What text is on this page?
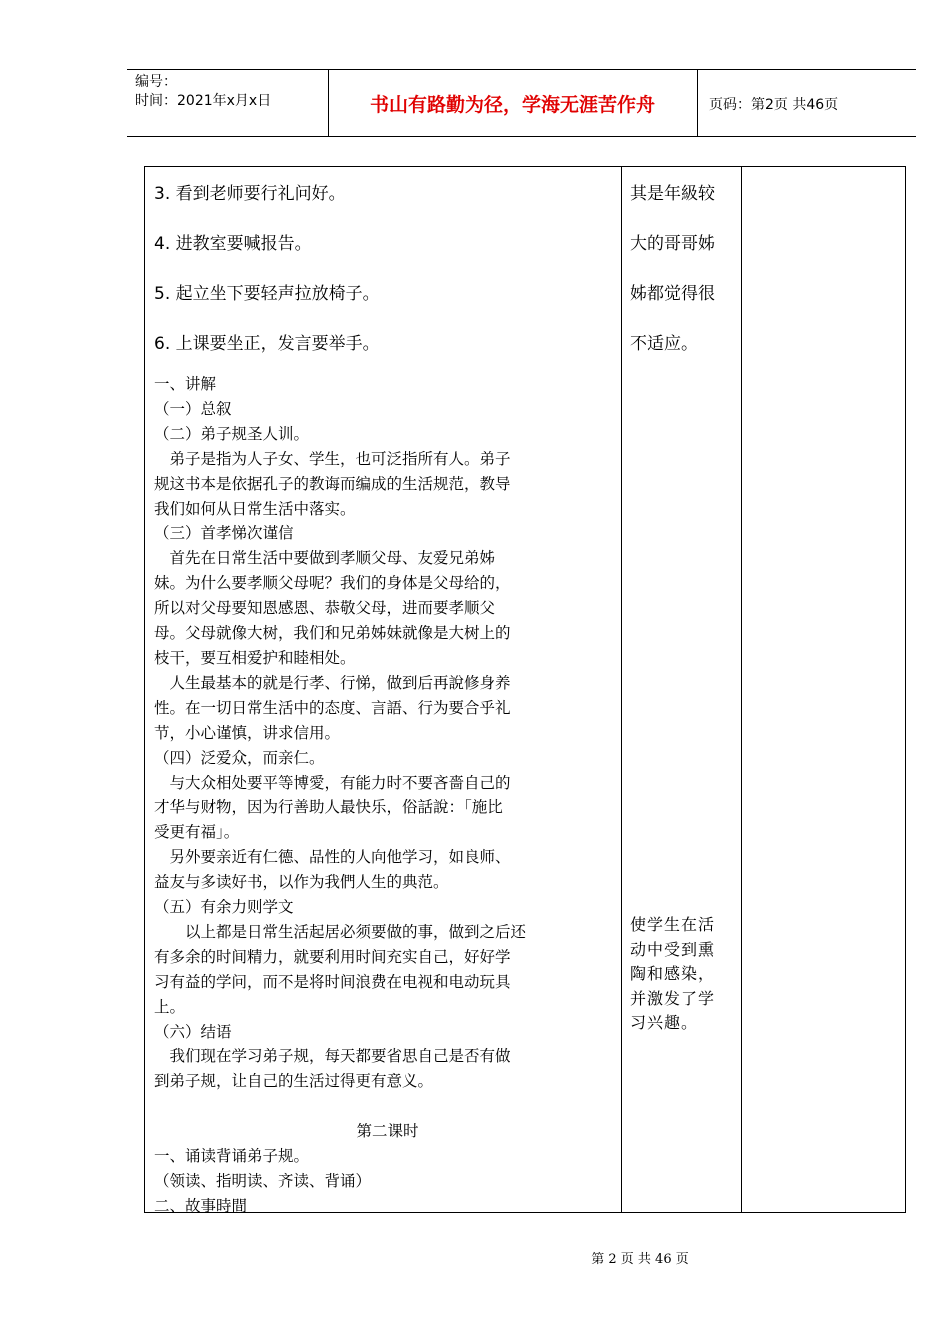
编号：
时间：2021年x月x日	书山有路勤为径，学海无涯苦作舟	页码：第2页 共46页

3. 看到老师要行礼问好。

4. 进教室要喊报告。

5. 起立坐下要轻声拉放椅子。

6. 上课要坐正，发言要举手。

一、讲解

（一）总叙

（二）弟子规圣人训。

　弟子是指为人子女、学生，也可泛指所有人。弟子

规这书本是依据孔子的教诲而编成的生活规范，教导

我们如何从日常生活中落实。

（三）首孝悌次谨信

　首先在日常生活中要做到孝顺父母、友爱兄弟姊

妹。为什么要孝顺父母呢？我们的身体是父母给的，

所以对父母要知恩感恩、恭敬父母，进而要孝顺父

母。父母就像大树，我们和兄弟姊妹就像是大树上的

枝干，要互相爱护和睦相处。

　人生最基本的就是行孝、行悌，做到后再說修身养

性。在一切日常生活中的态度、言語、行为要合乎礼

节，小心谨慎，讲求信用。

（四）泛爱众，而亲仁。

　与大众相处要平等博愛，有能力时不要吝嗇自己的

才华与财物，因为行善助人最快乐，俗話說：「施比

受更有福」。

　另外要亲近有仁德、品性的人向他学习，如良师、

益友与多读好书，以作为我們人生的典范。

（五）有余力则学文

　　以上都是日常生活起居必须要做的事，做到之后还

有多余的时间精力，就要利用时间充实自己，好好学

习有益的学问，而不是将时间浪费在电视和电动玩具

上。

（六）结语

　我们现在学习弟子规，每天都要省思自己是否有做

到弟子规，让自己的生活过得更有意义。

第二课时

一、诵读背诵弟子规。

（领读、指明读、齐读、背诵）

二、故事時間

其是年級较
大的哥哥姊
姊都觉得很
不适应。
使学生在活
动中受到熏
陶和感染，
并激发了学
习兴趣。
第 2 页 共 46 页
